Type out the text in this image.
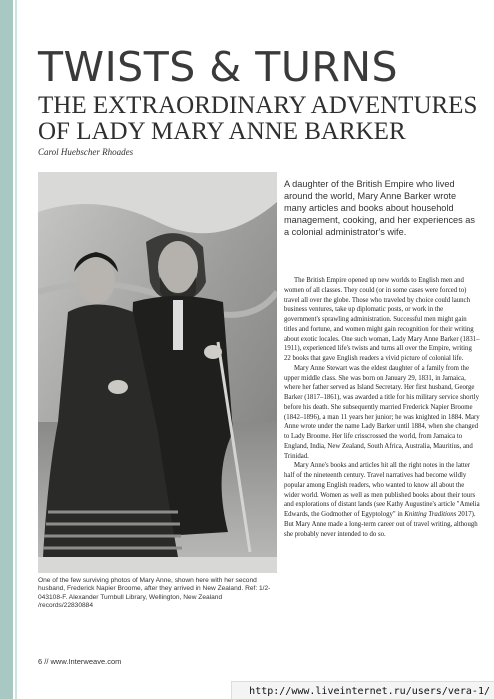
TWISTS & TURNS
THE EXTRAORDINARY ADVENTURES
OF LADY MARY ANNE BARKER
Carol Huebscher Rhoades
One of the few surviving photos of Mary Anne, shown here with her second husband, Frederick Napier Broome, after they arrived in New Zealand. Ref: 1/2-043108-F. Alexander Turnbull Library, Wellington, New Zealand /records/22830884
A daughter of the British Empire who lived around the world, Mary Anne Barker wrote many articles and books about household management, cooking, and her experiences as a colonial administrator's wife.

The British Empire opened up new worlds to English men and women of all classes. They could (or in some cases were forced to) travel all over the globe. Those who traveled by choice could launch business ventures, take up diplomatic posts, or work in the government's sprawling administration. Successful men might gain titles and fortune, and women might gain recognition for their writing about exotic locales. One such woman, Lady Mary Anne Barker (1831–1911), experienced life's twists and turns all over the Empire, writing 22 books that gave English readers a vivid picture of colonial life.

Mary Anne Stewart was the eldest daughter of a family from the upper middle class. She was born on January 29, 1831, in Jamaica, where her father served as Island Secretary. Her first husband, George Barker (1817–1861), was awarded a title for his military service shortly before his death. She subsequently married Frederick Napier Broome (1842–1896), a man 11 years her junior; he was knighted in 1884. Mary Anne wrote under the name Lady Barker until 1884, when she changed to Lady Broome. Her life crisscrossed the world, from Jamaica to England, India, New Zealand, South Africa, Australia, Mauritius, and Trinidad.

Mary Anne's books and articles hit all the right notes in the latter half of the nineteenth century. Travel narratives had become wildly popular among English readers, who wanted to know all about the wider world. Women as well as men published books about their tours and explorations of distant lands (see Kathy Augustine's article "Amelia Edwards, the Godmother of Egyptology" in Knitting Traditions 2017). But Mary Anne made a long-term career out of travel writing, although she probably never intended to do so.

6 // www.Interweave.com
http://www.liveinternet.ru/users/vera-1/
